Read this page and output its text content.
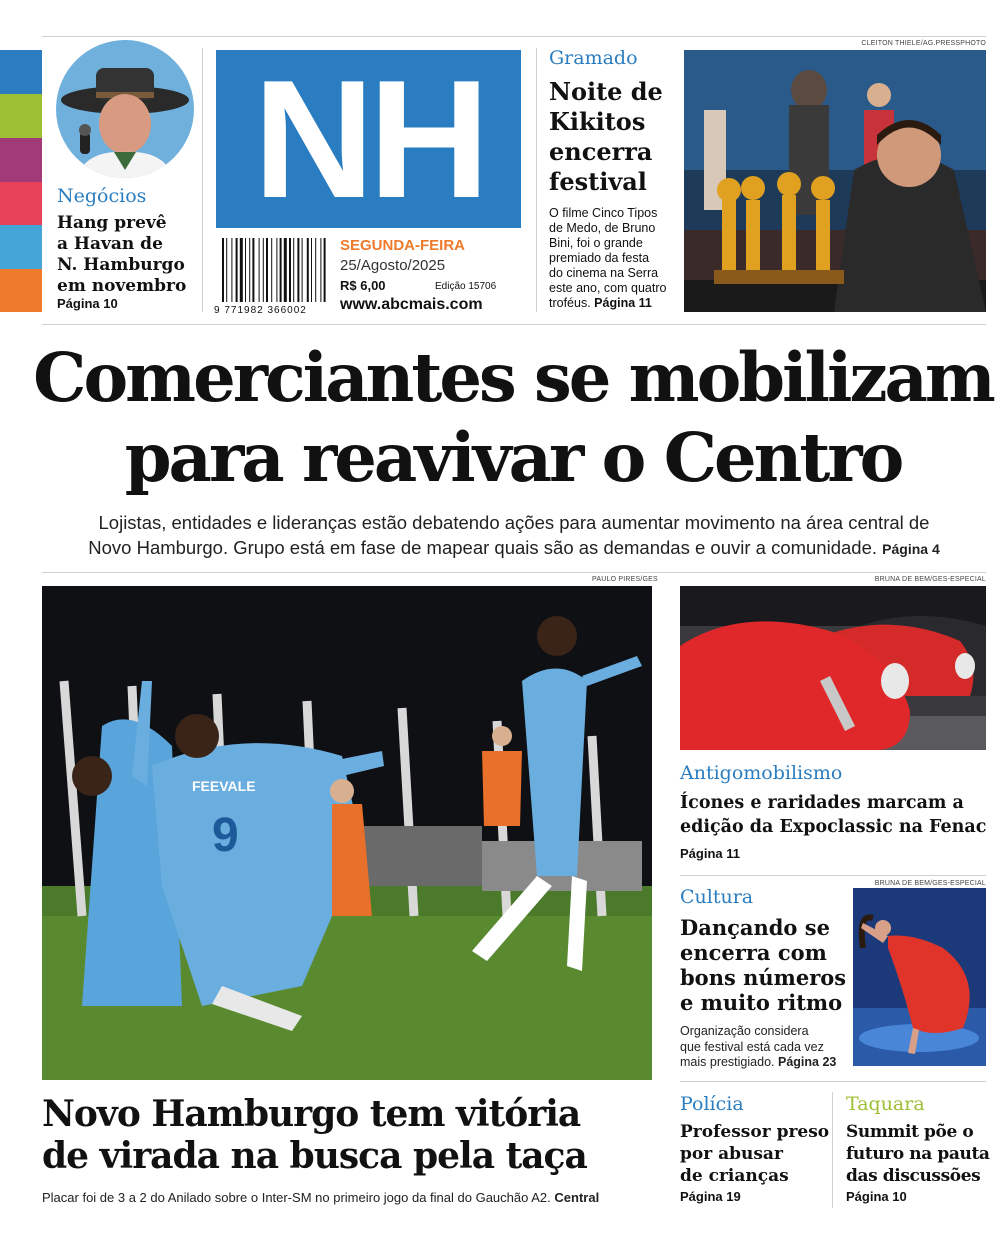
Negócios
Hang prevê
a Havan de
N. Hamburgo
em novembro
Página 10
NH
9 771982 366002
SEGUNDA-FEIRA
25/Agosto/2025
R$ 6,00	Edição 15706
www.abcmais.com
Gramado
Noite de
Kikitos
encerra
festival
O filme Cinco Tipos
de Medo, de Bruno
Bini, foi o grande
premiado da festa
do cinema na Serra
este ano, com quatro
troféus. Página 11
CLEITON THIELE/AG.PRESSPHOTO
Comerciantes se mobilizam
para reavivar o Centro
Lojistas, entidades e lideranças estão debatendo ações para aumentar movimento na área central de
Novo Hamburgo. Grupo está em fase de mapear quais são as demandas e ouvir a comunidade. Página 4
PAULO PIRES/GES
9
FEEVALE
Novo Hamburgo tem vitória
de virada na busca pela taça
Placar foi de 3 a 2 do Anilado sobre o Inter-SM no primeiro jogo da final do Gauchão A2. Central
BRUNA DE BEM/GES-ESPECIAL
Antigomobilismo
Ícones e raridades marcam a
edição da Expoclassic na Fenac
Página 11
Cultura
Dançando se
encerra com
bons números
e muito ritmo
Organização considera
que festival está cada vez
mais prestigiado. Página 23
BRUNA DE BEM/GES-ESPECIAL
Polícia
Professor preso
por abusar
de crianças
Página 19
Taquara
Summit põe o
futuro na pauta
das discussões
Página 10
